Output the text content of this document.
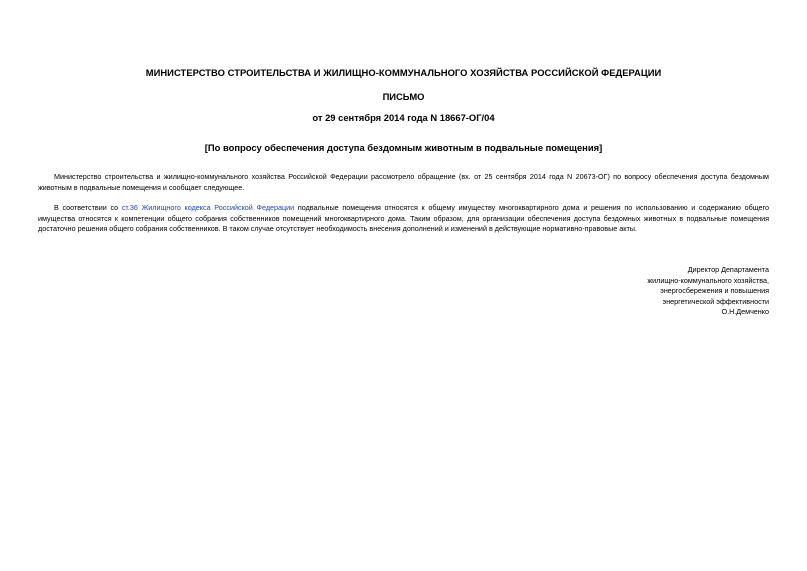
МИНИСТЕРСТВО СТРОИТЕЛЬСТВА И ЖИЛИЩНО-КОММУНАЛЬНОГО ХОЗЯЙСТВА РОССИЙСКОЙ ФЕДЕРАЦИИ
ПИСЬМО
от 29 сентября 2014 года N 18667-ОГ/04
[По вопросу обеспечения доступа бездомным животным в подвальные помещения]

Министерство строительства и жилищно-коммунального хозяйства Российской Федерации рассмотрело обращение (вх. от 25 сентября 2014 года N 20673-ОГ) по вопросу обеспечения доступа бездомным животным в подвальные помещения и сообщает следующее.

В соответствии со ст.36 Жилищного кодекса Российской Федерации подвальные помещения относятся к общему имуществу многоквартирного дома и решения по использованию и содержанию общего имущества относятся к компетенции общего собрания собственников помещений многоквартирного дома. Таким образом, для организации обеспечения доступа бездомных животных в подвальные помещения достаточно решения общего собрания собственников. В таком случае отсутствует необходимость внесения дополнений и изменений в действующие нормативно-правовые акты.

Директор Департамента
жилищно-коммунального хозяйства,
энергосбережения и повышения
энергетической эффективности
О.Н.Демченко
